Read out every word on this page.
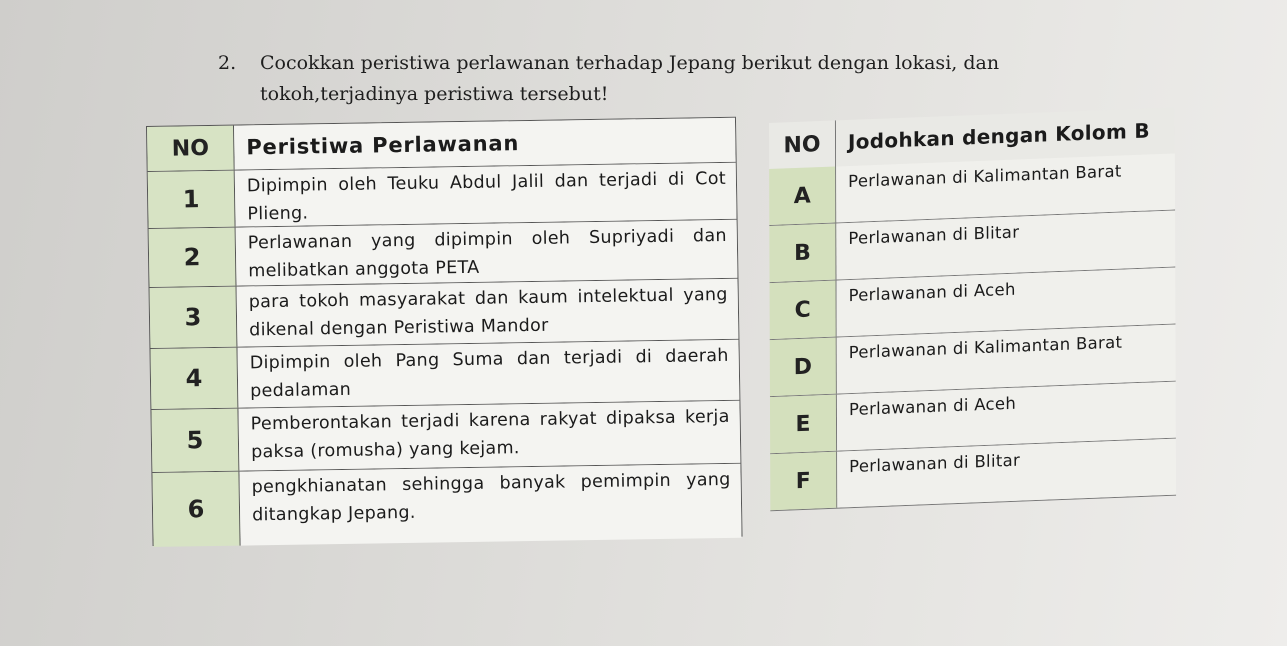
2. Cocokkan peristiwa perlawanan terhadap Jepang berikut dengan lokasi, dan
tokoh,terjadinya peristiwa tersebut!
NO	Peristiwa Perlawanan
1
Dipimpin oleh Teuku Abdul Jalil dan terjadi di Cot Plieng.
2
Perlawanan yang dipimpin oleh Supriyadi dan melibatkan anggota PETA
3
para tokoh masyarakat dan kaum intelektual yang dikenal dengan Peristiwa Mandor
4
Dipimpin oleh Pang Suma dan terjadi di daerah pedalaman
5
Pemberontakan terjadi karena rakyat dipaksa kerja paksa (romusha) yang kejam.
6
pengkhianatan sehingga banyak pemimpin yang ditangkap Jepang.
NO	Jodohkan dengan Kolom B
A
Perlawanan di Kalimantan Barat
B
Perlawanan di Blitar
C
Perlawanan di Aceh
D
Perlawanan di Kalimantan Barat
E
Perlawanan di Aceh
F
Perlawanan di Blitar
